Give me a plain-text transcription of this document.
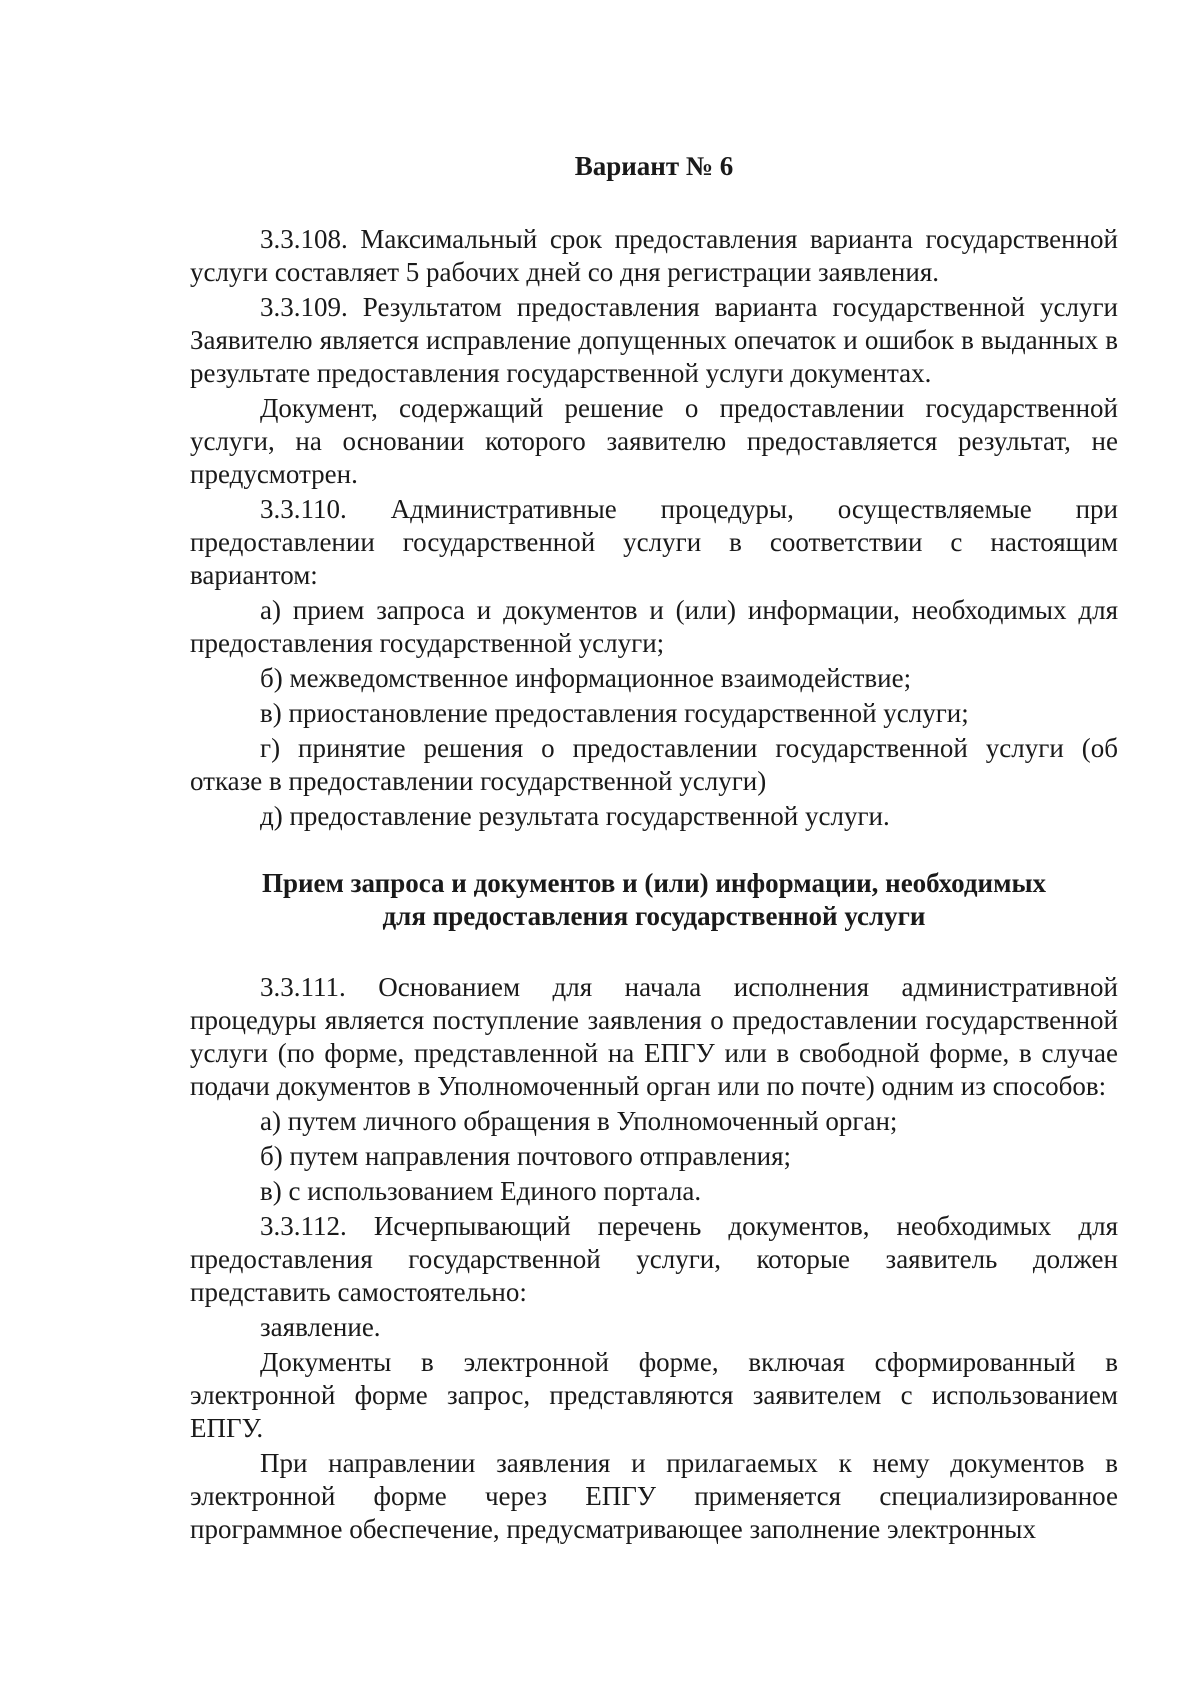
Вариант № 6

3.3.108. Максимальный срок предоставления варианта государственной услуги составляет 5 рабочих дней со дня регистрации заявления.

3.3.109. Результатом предоставления варианта государственной услуги Заявителю является исправление допущенных опечаток и ошибок в выданных в результате предоставления государственной услуги документах.

Документ, содержащий решение о предоставлении государственной услуги, на основании которого заявителю предоставляется результат, не предусмотрен.

3.3.110. Административные процедуры, осуществляемые при предоставлении государственной услуги в соответствии с настоящим вариантом:

а) прием запроса и документов и (или) информации, необходимых для предоставления государственной услуги;

б) межведомственное информационное взаимодействие;

в) приостановление предоставления государственной услуги;

г) принятие решения о предоставлении государственной услуги (об отказе в предоставлении государственной услуги)

д) предоставление результата государственной услуги.

Прием запроса и документов и (или) информации, необходимых
для предоставления государственной услуги

3.3.111. Основанием для начала исполнения административной процедуры является поступление заявления о предоставлении государственной услуги (по форме, представленной на ЕПГУ или в свободной форме, в случае подачи документов в Уполномоченный орган или по почте) одним из способов:

а) путем личного обращения в Уполномоченный орган;

б) путем направления почтового отправления;

в) с использованием Единого портала.

3.3.112. Исчерпывающий перечень документов, необходимых для предоставления государственной услуги, которые заявитель должен представить самостоятельно:

заявление.

Документы в электронной форме, включая сформированный в электронной форме запрос, представляются заявителем с использованием ЕПГУ.

При направлении заявления и прилагаемых к нему документов в электронной форме через ЕПГУ применяется специализированное программное обеспечение, предусматривающее заполнение электронных
